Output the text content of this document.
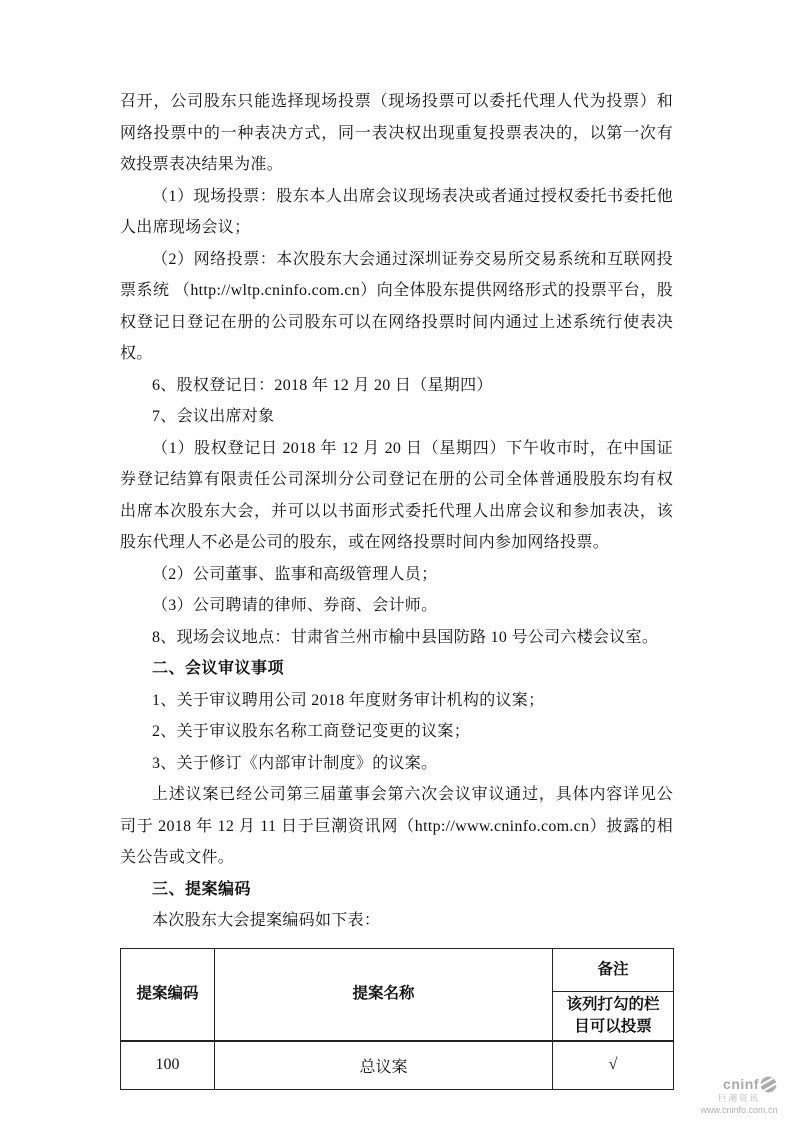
召开，公司股东只能选择现场投票（现场投票可以委托代理人代为投票）和网络投票中的一种表决方式，同一表决权出现重复投票表决的，以第一次有效投票表决结果为准。

（1）现场投票：股东本人出席会议现场表决或者通过授权委托书委托他人出席现场会议；

（2）网络投票：本次股东大会通过深圳证券交易所交易系统和互联网投票系统 （http://wltp.cninfo.com.cn）向全体股东提供网络形式的投票平台，股权登记日登记在册的公司股东可以在网络投票时间内通过上述系统行使表决权。

6、股权登记日：2018 年 12 月 20 日（星期四）

7、会议出席对象

（1）股权登记日 2018 年 12 月 20 日（星期四）下午收市时，在中国证券登记结算有限责任公司深圳分公司登记在册的公司全体普通股股东均有权出席本次股东大会，并可以以书面形式委托代理人出席会议和参加表决，该股东代理人不必是公司的股东，或在网络投票时间内参加网络投票。

（2）公司董事、监事和高级管理人员；

（3）公司聘请的律师、券商、会计师。

8、现场会议地点：甘肃省兰州市榆中县国防路 10 号公司六楼会议室。

二、会议审议事项

1、关于审议聘用公司 2018 年度财务审计机构的议案；

2、关于审议股东名称工商登记变更的议案；

3、关于修订《内部审计制度》的议案。

上述议案已经公司第三届董事会第六次会议审议通过，具体内容详见公司于 2018 年 12 月 11 日于巨潮资讯网（http://www.cninfo.com.cn）披露的相关公告或文件。

三、提案编码

本次股东大会提案编码如下表：

提案编码	提案名称	备注
		该列打勾的栏目可以投票
100	总议案	√
cninf
巨潮资讯
www.cninfo.com.cn
